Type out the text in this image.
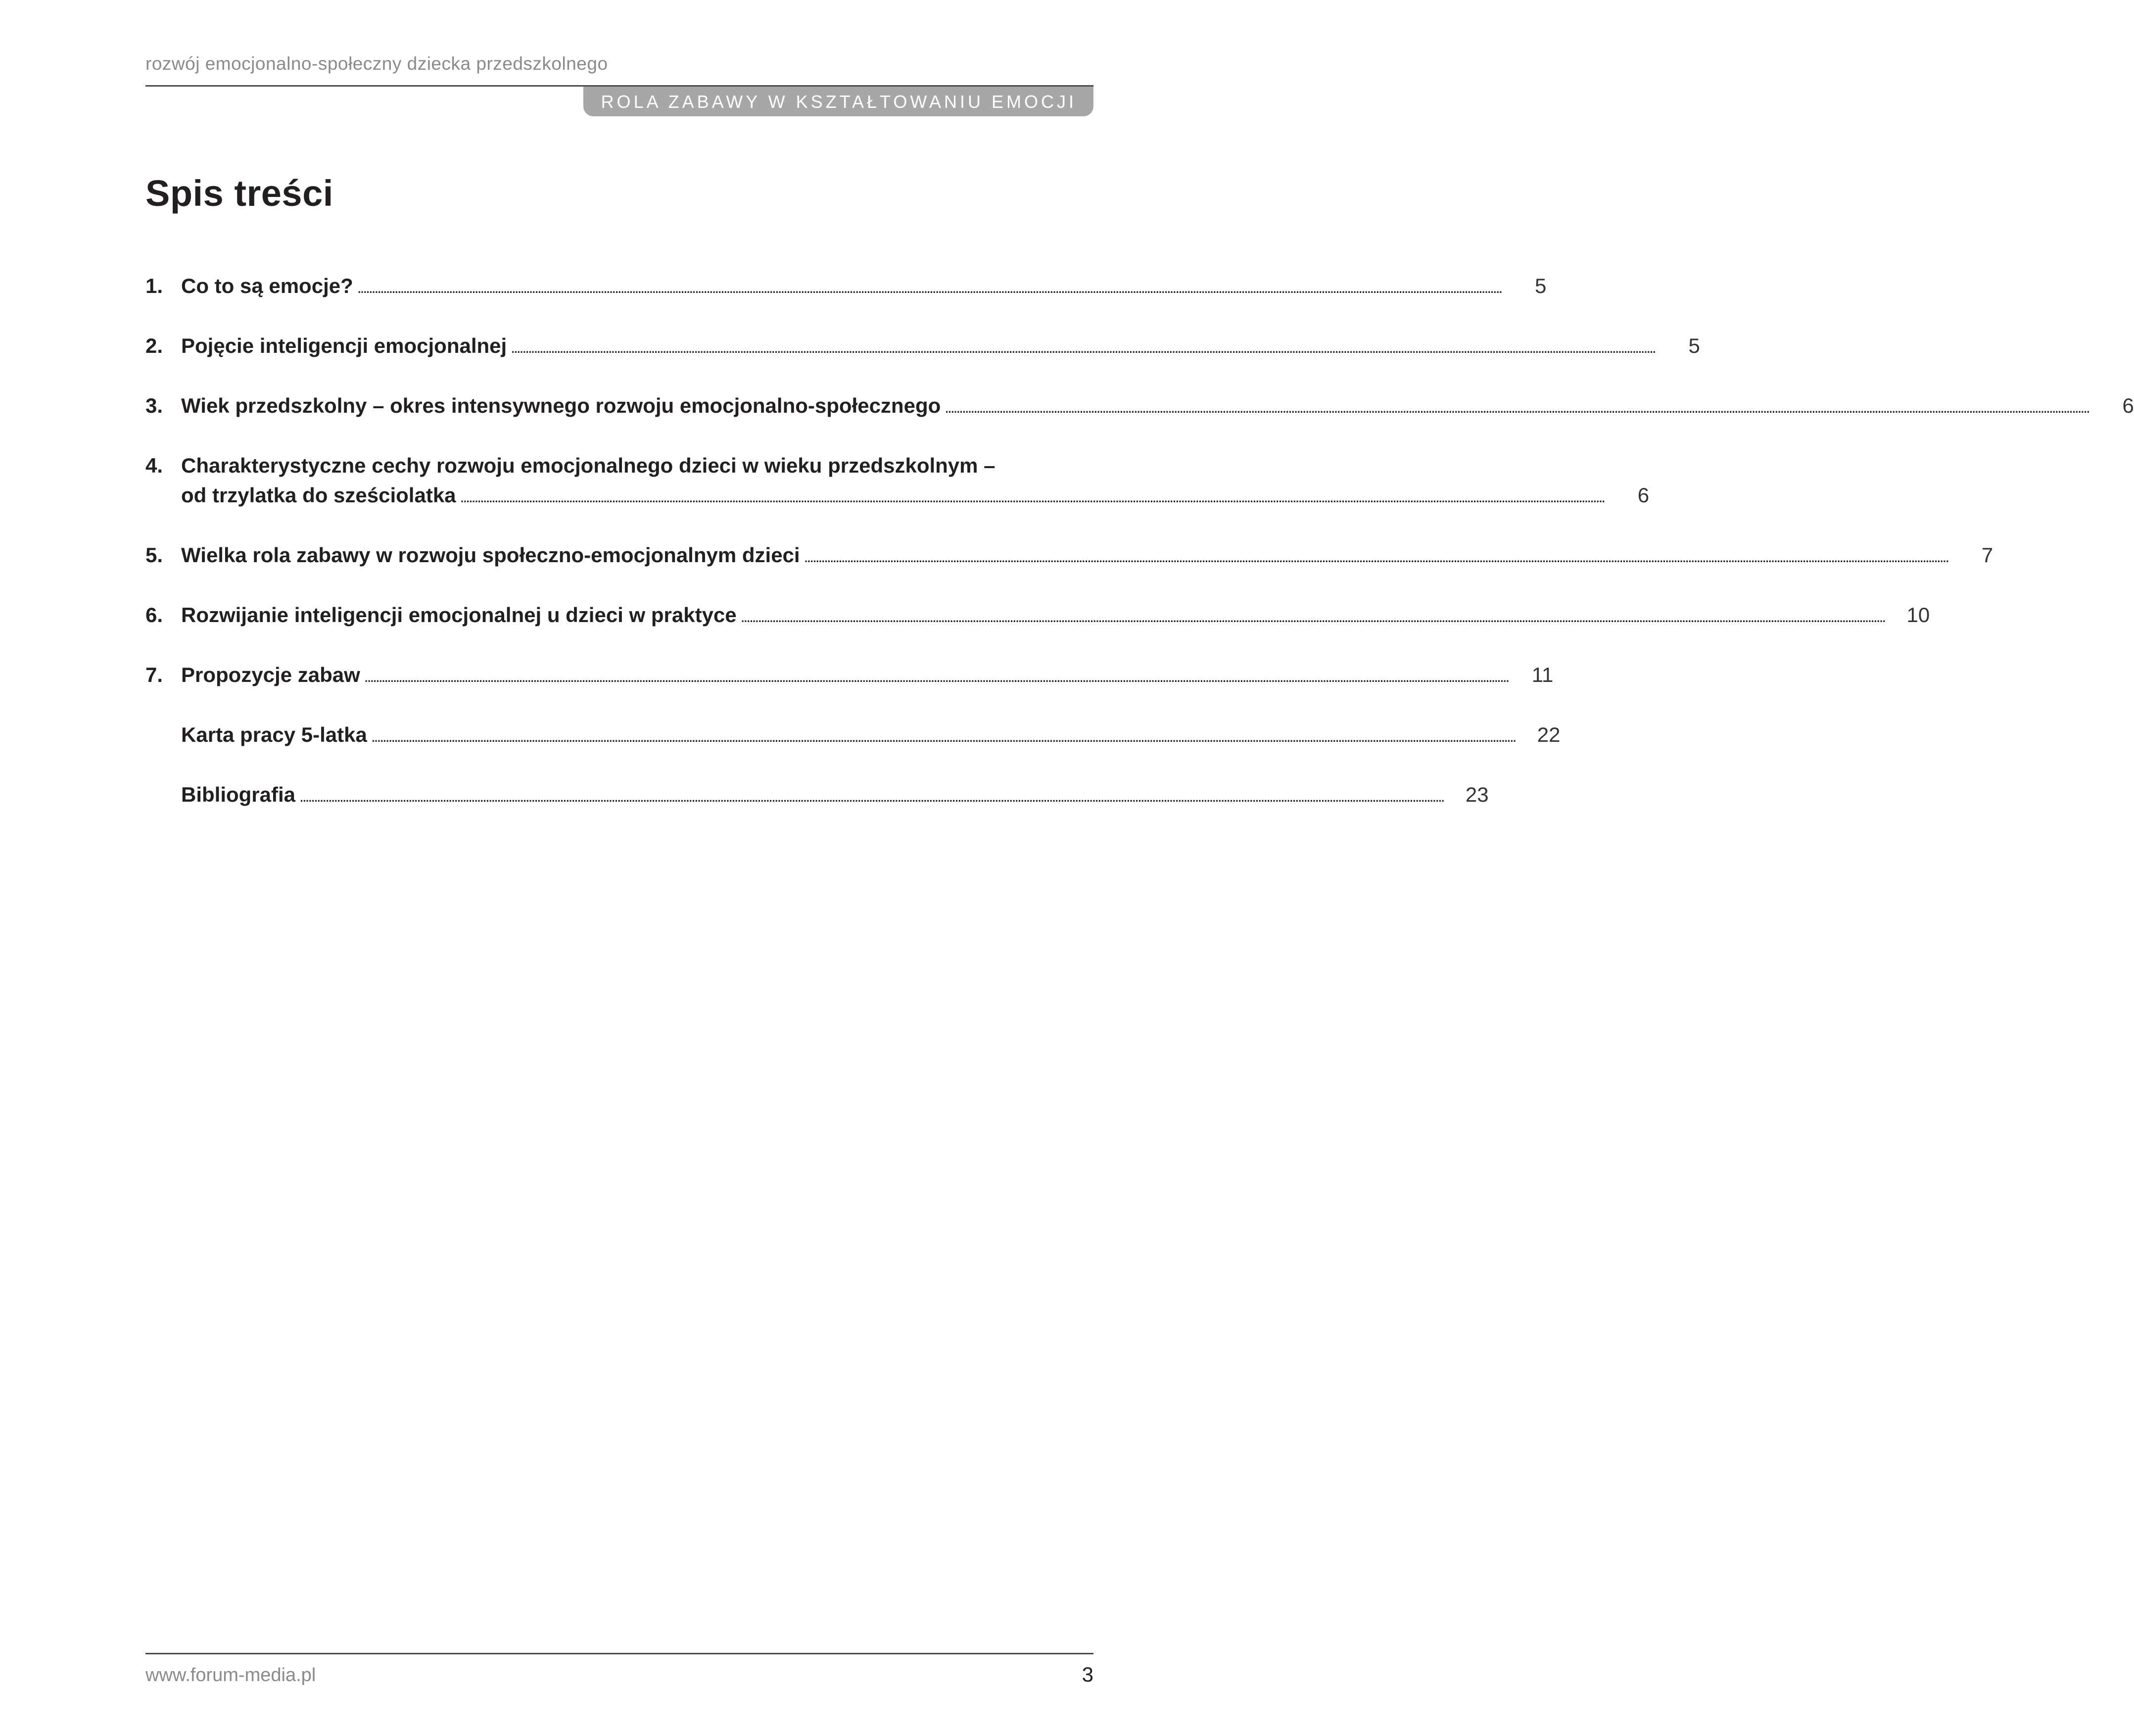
rozwój emocjonalno-społeczny dziecka przedszkolnego
ROLA ZABAWY W KSZTAŁTOWANIU EMOCJI
Spis treści
1. Co to są emocje? . . .	5
2. Pojęcie inteligencji emocjonalnej . . .	5
3. Wiek przedszkolny – okres intensywnego rozwoju emocjonalno-społecznego . . .	6
4. Charakterystyczne cechy rozwoju emocjonalnego dzieci w wieku przedszkolnym –
od trzylatka do sześciolatka . . .	6
5. Wielka rola zabawy w rozwoju społeczno-emocjonalnym dzieci . . .	7
6. Rozwijanie inteligencji emocjonalnej u dzieci w praktyce . . .	10
7. Propozycje zabaw . . .	11
Karta pracy 5-latka . . .	22
Bibliografia . . .	23
www.forum-media.pl	3
